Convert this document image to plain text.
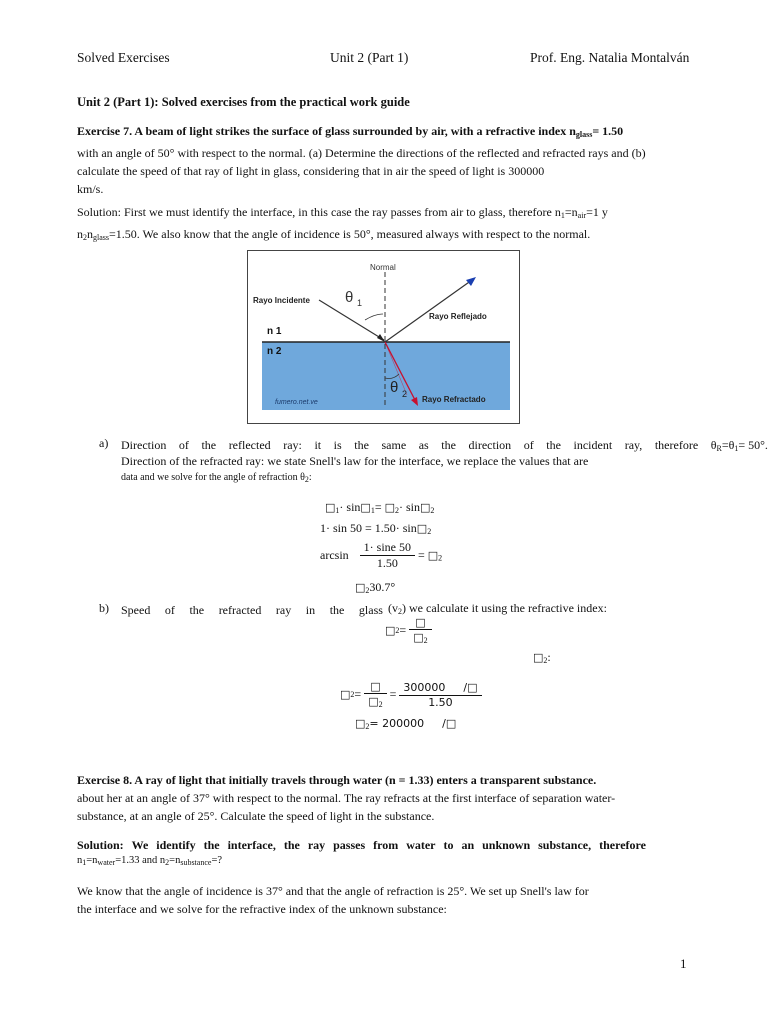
Solved Exercises	Unit 2 (Part 1)	Prof. Eng. Natalia Montalván
Unit 2 (Part 1): Solved exercises from the practical work guide
Exercise 7. A beam of light strikes the surface of glass surrounded by air, with a refractive index $n_{glass}= 1.50$
with an angle of 50° with respect to the normal. (a) Determine the directions of the reflected and refracted rays and (b)
calculate the speed of that ray of light in glass, considering that in air the speed of light is 300000
km/s.
Solution: First we must identify the interface, in this case the ray passes from air to glass, therefore $n_1=n_{air}=1$ y
$n_2n_{glass}=1.50$. We also know that the angle of incidence is 50°, measured always with respect to the normal.
Normal
Rayo Incidente
Rayo Reflejado
Rayo Refractado
n 1
n 2
θ 1
θ 2
fumero.net.ve
a) Direction of the reflected ray: it is the same as the direction of the incident ray, therefore $\theta_R=\theta_1= 50^\circ$.
Direction of the refracted ray: we state Snell's law for the interface, we replace the values that are
data and we solve for the angle of refraction $\theta_2$:
$□_1\cdot$ $\sin□_1=$ $□_2\cdot$ $\sin□_2$
$1\cdot \sin 50 = 1.50\cdot \sin□_2$
$\arcsin \frac{1\cdot \sin e 50}{1.50}$ = $□_2$
$□_230.7^\circ$
b) Speed of the refracted ray in the glass $(v_2)$ we calculate it using the refractive index:
□2= $\frac{□}{□_2}$
$□_2$:
□2= $\frac{□}{□_2} = \frac{300000 /□}{1.50}$
$□_2= 200000$ /□
Exercise 8. A ray of light that initially travels through water (n = 1.33) enters a transparent substance.
about her at an angle of 37° with respect to the normal. The ray refracts at the first interface of separation water-
substance, at an angle of 25°. Calculate the speed of light in the substance.
Solution: We identify the interface, the ray passes from water to an unknown substance, therefore
$n_1=n_{water}=1.33$ and $n_2=n_{substance}=$?
We know that the angle of incidence is 37° and that the angle of refraction is 25°. We set up Snell's law for
the interface and we solve for the refractive index of the unknown substance:
1
